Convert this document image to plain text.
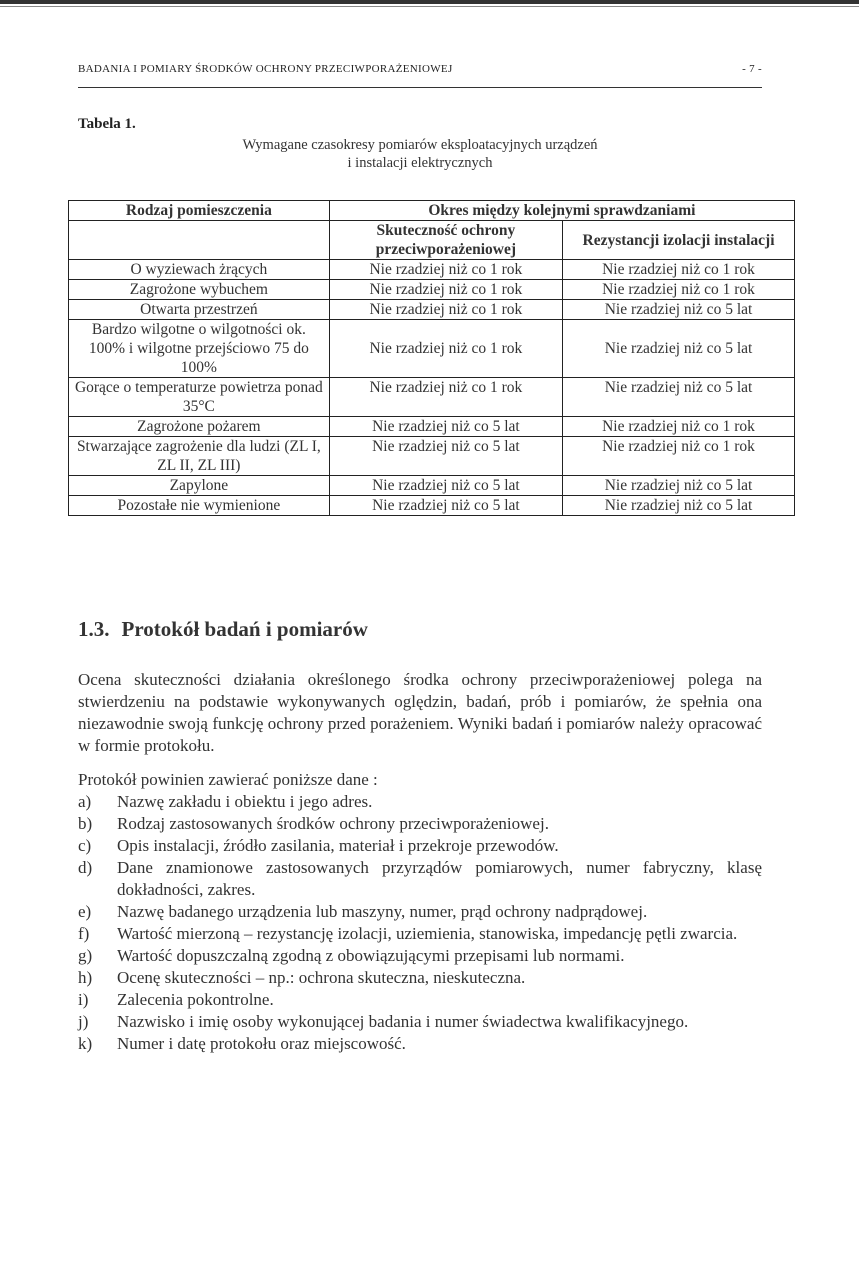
BADANIA I POMIARY ŚRODKÓW OCHRONY PRZECIWPORAŻENIOWEJ	- 7 -
Tabela 1.
Wymagane czasokresy pomiarów eksploatacyjnych urządzeń
i instalacji elektrycznych
Rodzaj pomieszczenia	Okres między kolejnymi sprawdzaniami	
	Skuteczność ochrony przeciwporażeniowej	Rezystancji izolacji instalacji
O wyziewach żrących	Nie rzadziej niż co 1 rok	Nie rzadziej niż co 1 rok
Zagrożone wybuchem	Nie rzadziej niż co 1 rok	Nie rzadziej niż co 1 rok
Otwarta przestrzeń	Nie rzadziej niż co 1 rok	Nie rzadziej niż co 5 lat
Bardzo wilgotne o wilgotności ok. 100% i wilgotne przejściowo 75 do 100%	Nie rzadziej niż co 1 rok	Nie rzadziej niż co 5 lat
Gorące o temperaturze powietrza ponad 35°C	Nie rzadziej niż co 1 rok	Nie rzadziej niż co 5 lat
Zagrożone pożarem	Nie rzadziej niż co 5 lat	Nie rzadziej niż co 1 rok
Stwarzające zagrożenie dla ludzi (ZL I, ZL II, ZL III)	Nie rzadziej niż co 5 lat	Nie rzadziej niż co 1 rok
Zapylone	Nie rzadziej niż co 5 lat	Nie rzadziej niż co 5 lat
Pozostałe nie wymienione	Nie rzadziej niż co 5 lat	Nie rzadziej niż co 5 lat
1.3. Protokół badań i pomiarów
Ocena skuteczności działania określonego środka ochrony przeciwporażeniowej polega na stwierdzeniu na podstawie wykonywanych oględzin, badań, prób i pomiarów, że spełnia ona niezawodnie swoją funkcję ochrony przed porażeniem. Wyniki badań i pomiarów należy opracować w formie protokołu.
Protokół powinien zawierać poniższe dane :
a) Nazwę zakładu i obiektu i jego adres.
b) Rodzaj zastosowanych środków ochrony przeciwporażeniowej.
c) Opis instalacji, źródło zasilania, materiał i przekroje przewodów.
d) Dane znamionowe zastosowanych przyrządów pomiarowych, numer fabryczny, klasę dokładności, zakres.
e) Nazwę badanego urządzenia lub maszyny, numer, prąd ochrony nadprądowej.
f) Wartość mierzoną – rezystancję izolacji, uziemienia, stanowiska, impedancję pętli zwarcia.
g) Wartość dopuszczalną zgodną z obowiązującymi przepisami lub normami.
h) Ocenę skuteczności – np.: ochrona skuteczna, nieskuteczna.
i) Zalecenia pokontrolne.
j) Nazwisko i imię osoby wykonującej badania i numer świadectwa kwalifikacyjnego.
k) Numer i datę protokołu oraz miejscowość.
